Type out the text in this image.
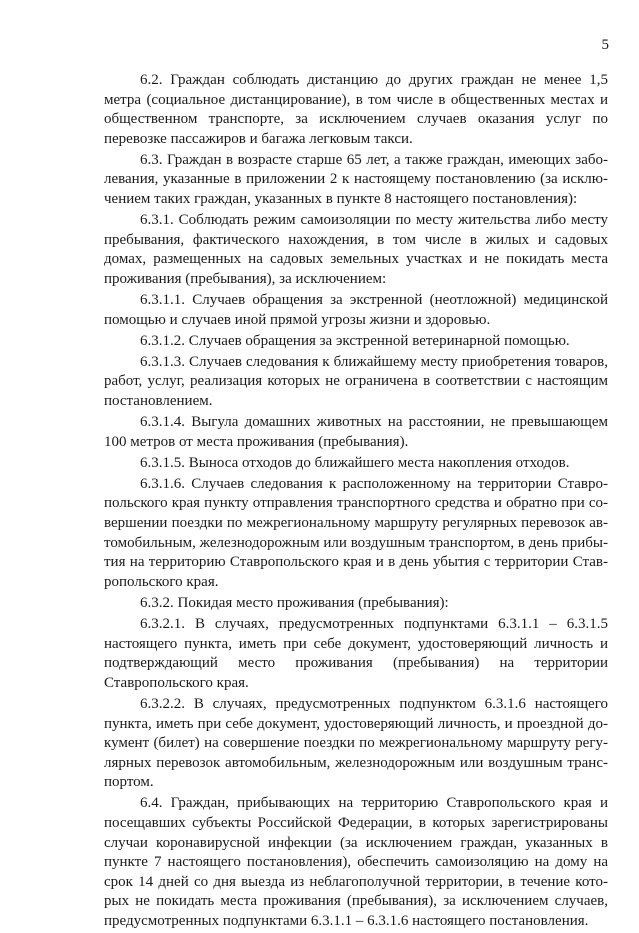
5

6.2. Граждан соблюдать дистанцию до других граждан не менее 1,5 метра (социальное дистанцирование), в том числе в общественных местах и общественном транспорте, за исключением случаев оказания услуг по перевозке пассажиров и багажа легковым такси.

6.3. Граждан в возрасте старше 65 лет, а также граждан, имеющих заболевания, указанные в приложении 2 к настоящему постановлению (за исключением таких граждан, указанных в пункте 8 настоящего постановления):

6.3.1. Соблюдать режим самоизоляции по месту жительства либо месту пребывания, фактического нахождения, в том числе в жилых и садовых домах, размещенных на садовых земельных участках и не покидать места проживания (пребывания), за исключением:

6.3.1.1. Случаев обращения за экстренной (неотложной) медицинской помощью и случаев иной прямой угрозы жизни и здоровью.

6.3.1.2. Случаев обращения за экстренной ветеринарной помощью.

6.3.1.3. Случаев следования к ближайшему месту приобретения товаров, работ, услуг, реализация которых не ограничена в соответствии с настоящим постановлением.

6.3.1.4. Выгула домашних животных на расстоянии, не превышающем 100 метров от места проживания (пребывания).

6.3.1.5. Выноса отходов до ближайшего места накопления отходов.

6.3.1.6. Случаев следования к расположенному на территории Ставропольского края пункту отправления транспортного средства и обратно при совершении поездки по межрегиональному маршруту регулярных перевозок автомобильным, железнодорожным или воздушным транспортом, в день прибытия на территорию Ставропольского края и в день убытия с территории Ставропольского края.

6.3.2. Покидая место проживания (пребывания):

6.3.2.1. В случаях, предусмотренных подпунктами 6.3.1.1 – 6.3.1.5 настоящего пункта, иметь при себе документ, удостоверяющий личность и подтверждающий место проживания (пребывания) на территории Ставропольского края.

6.3.2.2. В случаях, предусмотренных подпунктом 6.3.1.6 настоящего пункта, иметь при себе документ, удостоверяющий личность, и проездной документ (билет) на совершение поездки по межрегиональному маршруту регулярных перевозок автомобильным, железнодорожным или воздушным транспортом.

6.4. Граждан, прибывающих на территорию Ставропольского края и посещавших субъекты Российской Федерации, в которых зарегистрированы случаи коронавирусной инфекции (за исключением граждан, указанных в пункте 7 настоящего постановления), обеспечить самоизоляцию на дому на срок 14 дней со дня выезда из неблагополучной территории, в течение которых не покидать места проживания (пребывания), за исключением случаев, предусмотренных подпунктами 6.3.1.1 – 6.3.1.6 настоящего постановления.
